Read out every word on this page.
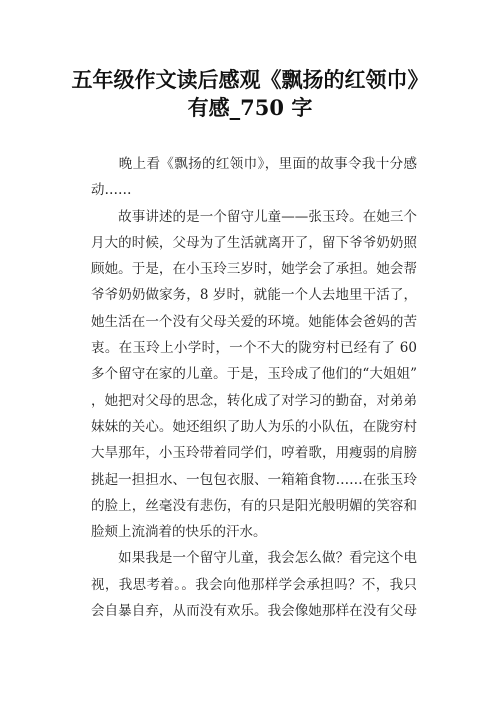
五年级作文读后感观《飘扬的红领巾》
有感_750 字

　　晚上看《飘扬的红领巾》，里面的故事令我十分感
动……

　　故事讲述的是一个留守儿童——张玉玲。在她三个
月大的时候，父母为了生活就离开了，留下爷爷奶奶照
顾她。于是，在小玉玲三岁时，她学会了承担。她会帮
爷爷奶奶做家务，8 岁时，就能一个人去地里干活了，
她生活在一个没有父母关爱的环境。她能体会爸妈的苦
衷。在玉玲上小学时，一个不大的陇穷村已经有了 60
多个留守在家的儿童。于是，玉玲成了他们的“大姐姐”
，她把对父母的思念，转化成了对学习的勤奋，对弟弟
妹妹的关心。她还组织了助人为乐的小队伍，在陇穷村
大旱那年，小玉玲带着同学们，哼着歌，用瘦弱的肩膀
挑起一担担水、一包包衣服、一箱箱食物……在张玉玲
的脸上，丝毫没有悲伤，有的只是阳光般明媚的笑容和
脸颊上流淌着的快乐的汗水。

　　如果我是一个留守儿童，我会怎么做？看完这个电
视，我思考着。。我会向他那样学会承担吗？不，我只
会自暴自弃，从而没有欢乐。我会像她那样在没有父母
